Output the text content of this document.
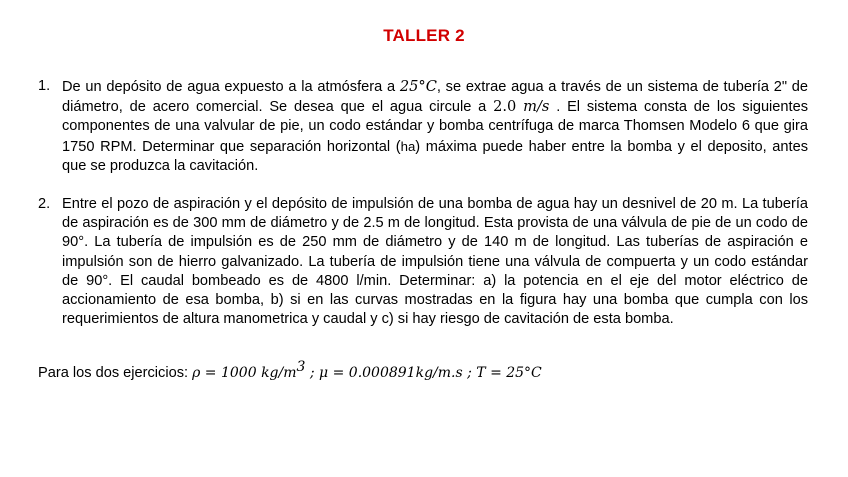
TALLER 2
1. De un depósito de agua expuesto a la atmósfera a 25°C, se extrae agua a través de un sistema de tubería 2" de diámetro, de acero comercial. Se desea que el agua circule a 2.0 m/s . El sistema consta de los siguientes componentes de una valvular de pie, un codo estándar y bomba centrífuga de marca Thomsen Modelo 6 que gira 1750 RPM. Determinar que separación horizontal (ha) máxima puede haber entre la bomba y el deposito, antes que se produzca la cavitación.
2. Entre el pozo de aspiración y el depósito de impulsión de una bomba de agua hay un desnivel de 20 m. La tubería de aspiración es de 300 mm de diámetro y de 2.5 m de longitud. Esta provista de una válvula de pie de un codo de 90°. La tubería de impulsión es de 250 mm de diámetro y de 140 m de longitud. Las tuberías de aspiración e impulsión son de hierro galvanizado. La tubería de impulsión tiene una válvula de compuerta y un codo estándar de 90°. El caudal bombeado es de 4800 l/min. Determinar: a) la potencia en el eje del motor eléctrico de accionamiento de esa bomba, b) si en las curvas mostradas en la figura hay una bomba que cumpla con los requerimientos de altura manometrica y caudal y c) si hay riesgo de cavitación de esta bomba.
Para los dos ejercicios: ρ = 1000 $kg/m^3$ ; μ = 0.000891kg/m.s ; T = 25°C
